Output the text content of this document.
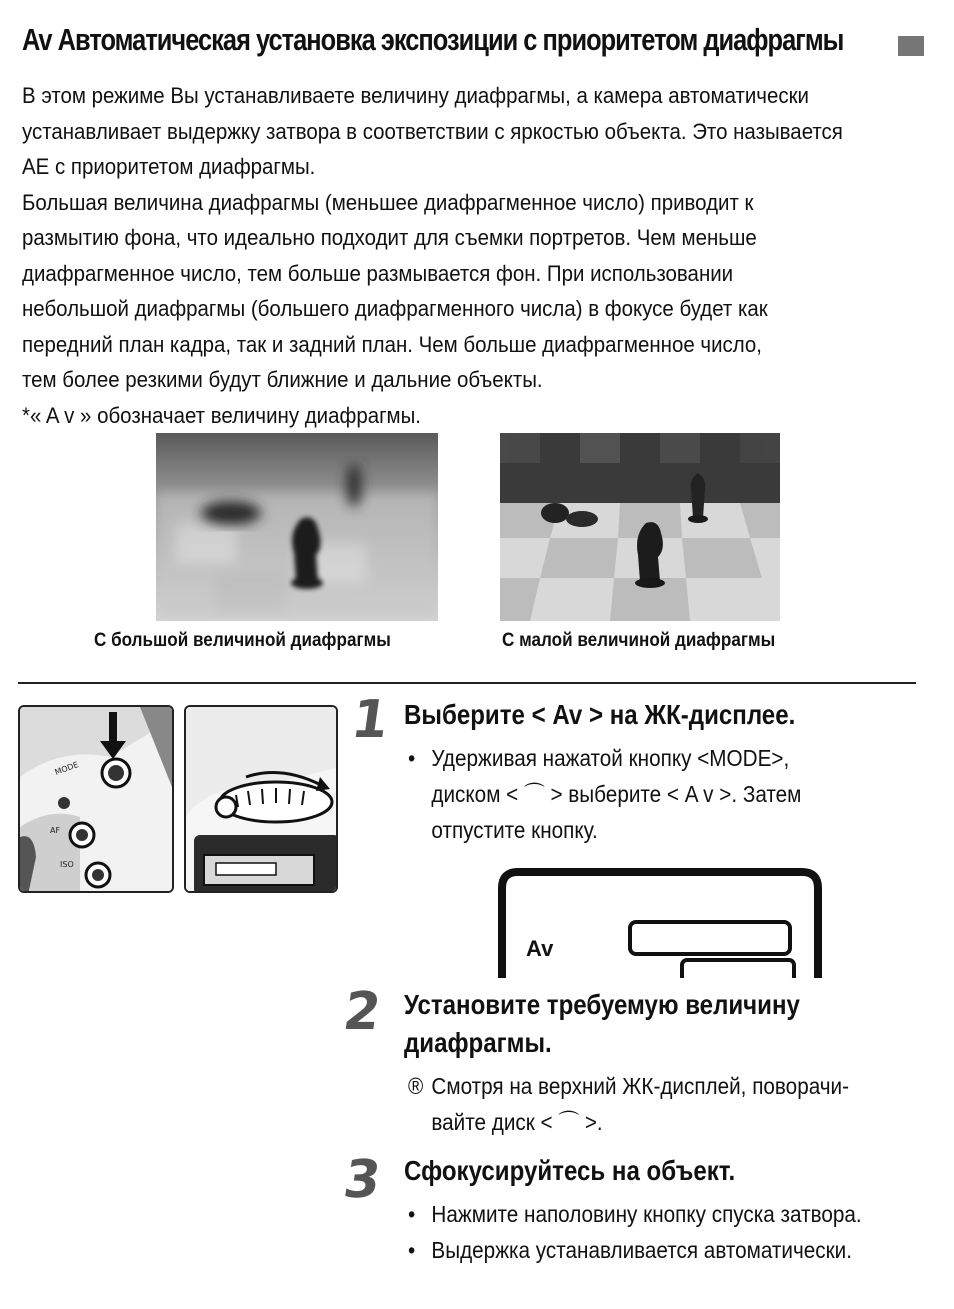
Av Автоматическая установка экспозиции с приоритетом диафрагмы

В этом режиме Вы устанавливаете величину диафрагмы, а камера автоматически

устанавливает выдержку затвора в соответствии с яркостью объекта. Это называется

AE с приоритетом диафрагмы.

Большая величина диафрагмы (меньшее диафрагменное число) приводит к

размытию фона, что идеально подходит для съемки портретов. Чем меньше

диафрагменное число, тем больше размывается фон. При использовании

небольшой диафрагмы (большего диафрагменного числа) в фокусе будет как

передний план кадра, так и задний план. Чем больше диафрагменное число,

тем более резкими будут ближние и дальние объекты.

*« A v » обозначает величину диафрагмы.

С большой величиной диафрагмы	С малой величиной диафрагмы
MODE
AF
ISO
1 Выберите < Av > на ЖК-дисплее.
• Удерживая нажатой кнопку <MODE>,
диском < ⌒ > выберите < A v >. Затем
отпустите кнопку.
Av
2 Установите требуемую величину
диафрагмы.
® Смотря на верхний ЖК-дисплей, поворачи-
вайте диск < ⌒ >.
3 Сфокусируйтесь на объект.
• Нажмите наполовину кнопку спуска затвора.
• Выдержка устанавливается автоматически.
